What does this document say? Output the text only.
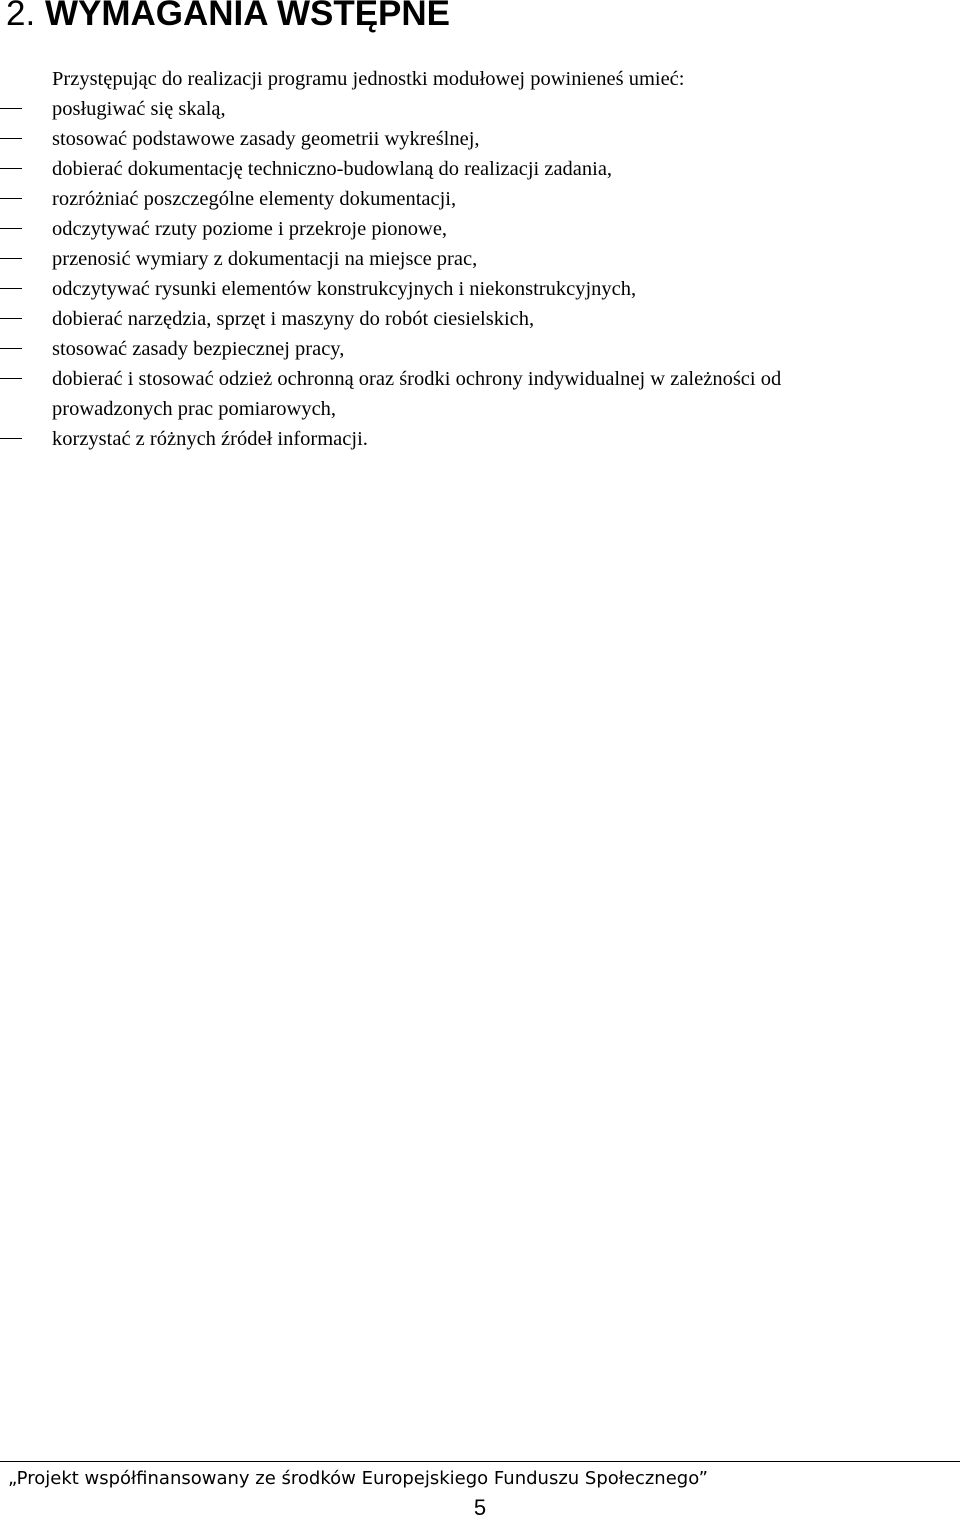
2. WYMAGANIA WSTĘPNE

Przystępując do realizacji programu jednostki modułowej powinieneś umieć:

posługiwać się skalą,
stosować podstawowe zasady geometrii wykreślnej,
dobierać dokumentację techniczno-budowlaną do realizacji zadania,
rozróżniać poszczególne elementy dokumentacji,
odczytywać rzuty poziome i przekroje pionowe,
przenosić wymiary z dokumentacji na miejsce prac,
odczytywać rysunki elementów konstrukcyjnych i niekonstrukcyjnych,
dobierać narzędzia, sprzęt i maszyny do robót ciesielskich,
stosować zasady bezpiecznej pracy,
dobierać i stosować odzież ochronną oraz środki ochrony indywidualnej w zależności od
prowadzonych prac pomiarowych,
korzystać z różnych źródeł informacji.
„Projekt współfinansowany ze środków Europejskiego Funduszu Społecznego”
5
